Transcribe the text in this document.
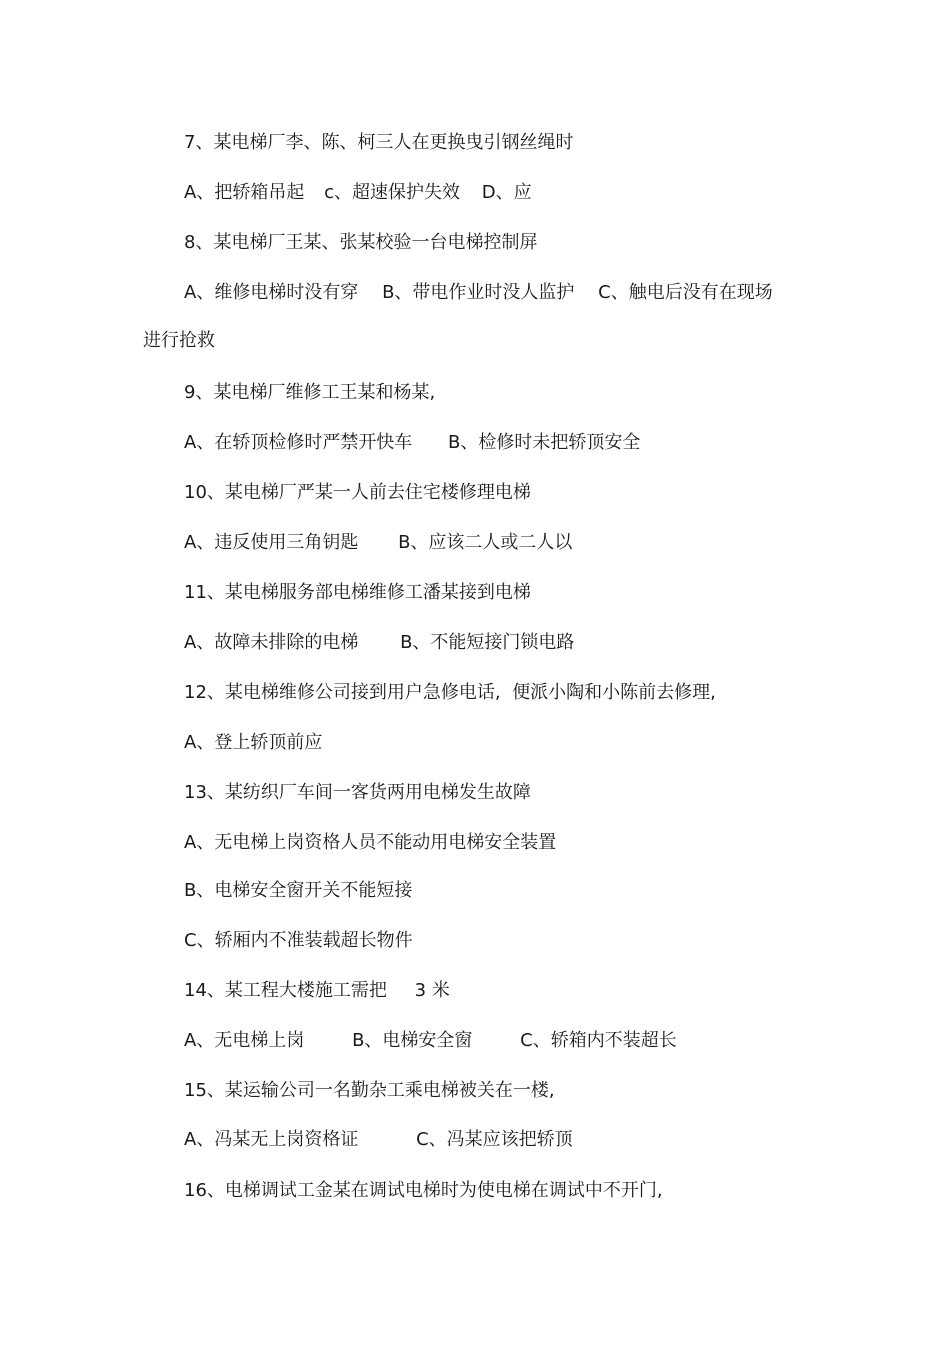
7、某电梯厂李、陈、柯三人在更换曳引钢丝绳时
A、把轿箱吊起 c、超速保护失效 D、应
8、某电梯厂王某、张某校验一台电梯控制屏
A、维修电梯时没有穿 B、带电作业时没人监护 C、触电后没有在现场
进行抢救
9、某电梯厂维修工王某和杨某,
A、在轿顶检修时严禁开快车 B、检修时未把轿顶安全
10、某电梯厂严某一人前去住宅楼修理电梯
A、违反使用三角钥匙 B、应该二人或二人以
11、某电梯服务部电梯维修工潘某接到电梯
A、故障未排除的电梯 B、不能短接门锁电路
12、某电梯维修公司接到用户急修电话,  便派小陶和小陈前去修理,
A、登上轿顶前应
13、某纺织厂车间一客货两用电梯发生故障
A、无电梯上岗资格人员不能动用电梯安全装置
B、电梯安全窗开关不能短接
C、轿厢内不准装载超长物件
14、某工程大楼施工需把 3 米
A、无电梯上岗	B、电梯安全窗	C、轿箱内不装超长
15、某运输公司一名勤杂工乘电梯被关在一楼,
A、冯某无上岗资格证	C、冯某应该把轿顶
16、电梯调试工金某在调试电梯时为使电梯在调试中不开门,
